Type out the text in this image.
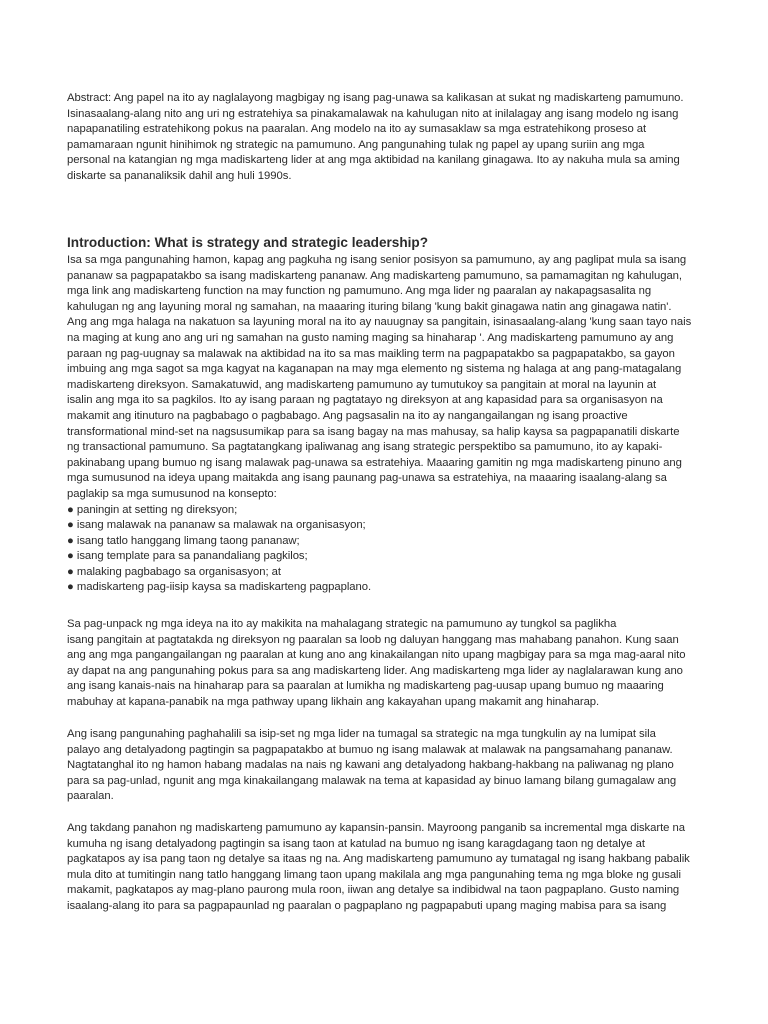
Abstract: Ang papel na ito ay naglalayong magbigay ng isang pag-unawa sa kalikasan at sukat ng madiskarteng pamumuno.
Isinasaalang-alang nito ang uri ng estratehiya sa pinakamalawak na kahulugan nito at inilalagay ang isang modelo ng isang
napapanatiling estratehikong pokus na paaralan. Ang modelo na ito ay sumasaklaw sa mga estratehikong proseso at
pamamaraan ngunit hinihimok ng strategic na pamumuno. Ang pangunahing tulak ng papel ay upang suriin ang mga
personal na katangian ng mga madiskarteng lider at ang mga aktibidad na kanilang ginagawa. Ito ay nakuha mula sa aming
diskarte sa pananaliksik dahil ang huli 1990s.

Introduction: What is strategy and strategic leadership?

Isa sa mga pangunahing hamon, kapag ang pagkuha ng isang senior posisyon sa pamumuno, ay ang paglipat mula sa isang
pananaw sa pagpapatakbo sa isang madiskarteng pananaw. Ang madiskarteng pamumuno, sa pamamagitan ng kahulugan,
mga link ang madiskarteng function na may function ng pamumuno. Ang mga lider ng paaralan ay nakapagsasalita ng
kahulugan ng ang layuning moral ng samahan, na maaaring ituring bilang 'kung bakit ginagawa natin ang ginagawa natin'.
Ang ang mga halaga na nakatuon sa layuning moral na ito ay nauugnay sa pangitain, isinasaalang-alang 'kung saan tayo nais
na maging at kung ano ang uri ng samahan na gusto naming maging sa hinaharap '. Ang madiskarteng pamumuno ay ang
paraan ng pag-uugnay sa malawak na aktibidad na ito sa mas maikling term na pagpapatakbo sa pagpapatakbo, sa gayon
imbuing ang mga sagot sa mga kagyat na kaganapan na may mga elemento ng sistema ng halaga at ang pang-matagalang
madiskarteng direksyon. Samakatuwid, ang madiskarteng pamumuno ay tumutukoy sa pangitain at moral na layunin at
isalin ang mga ito sa pagkilos. Ito ay isang paraan ng pagtatayo ng direksyon at ang kapasidad para sa organisasyon na
makamit ang itinuturo na pagbabago o pagbabago. Ang pagsasalin na ito ay nangangailangan ng isang proactive
transformational mind-set na nagsusumikap para sa isang bagay na mas mahusay, sa halip kaysa sa pagpapanatili diskarte
ng transactional pamumuno. Sa pagtatangkang ipaliwanag ang isang strategic perspektibo sa pamumuno, ito ay kapaki-
pakinabang upang bumuo ng isang malawak pag-unawa sa estratehiya. Maaaring gamitin ng mga madiskarteng pinuno ang
mga sumusunod na ideya upang maitakda ang isang paunang pag-unawa sa estratehiya, na maaaring isaalang-alang sa
paglakip sa mga sumusunod na konsepto:
● paningin at setting ng direksyon;
● isang malawak na pananaw sa malawak na organisasyon;
● isang tatlo hanggang limang taong pananaw;
● isang template para sa panandaliang pagkilos;
● malaking pagbabago sa organisasyon; at
● madiskarteng pag-iisip kaysa sa madiskarteng pagpaplano.

Sa pag-unpack ng mga ideya na ito ay makikita na mahalagang strategic na pamumuno ay tungkol sa paglikha
isang pangitain at pagtatakda ng direksyon ng paaralan sa loob ng daluyan hanggang mas mahabang panahon. Kung saan
ang ang mga pangangailangan ng paaralan at kung ano ang kinakailangan nito upang magbigay para sa mga mag-aaral nito
ay dapat na ang pangunahing pokus para sa ang madiskarteng lider. Ang madiskarteng mga lider ay naglalarawan kung ano
ang isang kanais-nais na hinaharap para sa paaralan at lumikha ng madiskarteng pag-uusap upang bumuo ng maaaring
mabuhay at kapana-panabik na mga pathway upang likhain ang kakayahan upang makamit ang hinaharap.

Ang isang pangunahing paghahalili sa isip-set ng mga lider na tumagal sa strategic na mga tungkulin ay na lumipat sila
palayo ang detalyadong pagtingin sa pagpapatakbo at bumuo ng isang malawak at malawak na pangsamahang pananaw.
Nagtatanghal ito ng hamon habang madalas na nais ng kawani ang detalyadong hakbang-hakbang na paliwanag ng plano
para sa pag-unlad, ngunit ang mga kinakailangang malawak na tema at kapasidad ay binuo lamang bilang gumagalaw ang
paaralan.

Ang takdang panahon ng madiskarteng pamumuno ay kapansin-pansin. Mayroong panganib sa incremental mga diskarte na
kumuha ng isang detalyadong pagtingin sa isang taon at katulad na bumuo ng isang karagdagang taon ng detalye at
pagkatapos ay isa pang taon ng detalye sa itaas ng na. Ang madiskarteng pamumuno ay tumatagal ng isang hakbang pabalik
mula dito at tumitingin nang tatlo hanggang limang taon upang makilala ang mga pangunahing tema ng mga bloke ng gusali
makamit, pagkatapos ay mag-plano paurong mula roon, iiwan ang detalye sa indibidwal na taon pagpaplano. Gusto naming
isaalang-alang ito para sa pagpapaunlad ng paaralan o pagpaplano ng pagpapabuti upang maging mabisa para sa isang
